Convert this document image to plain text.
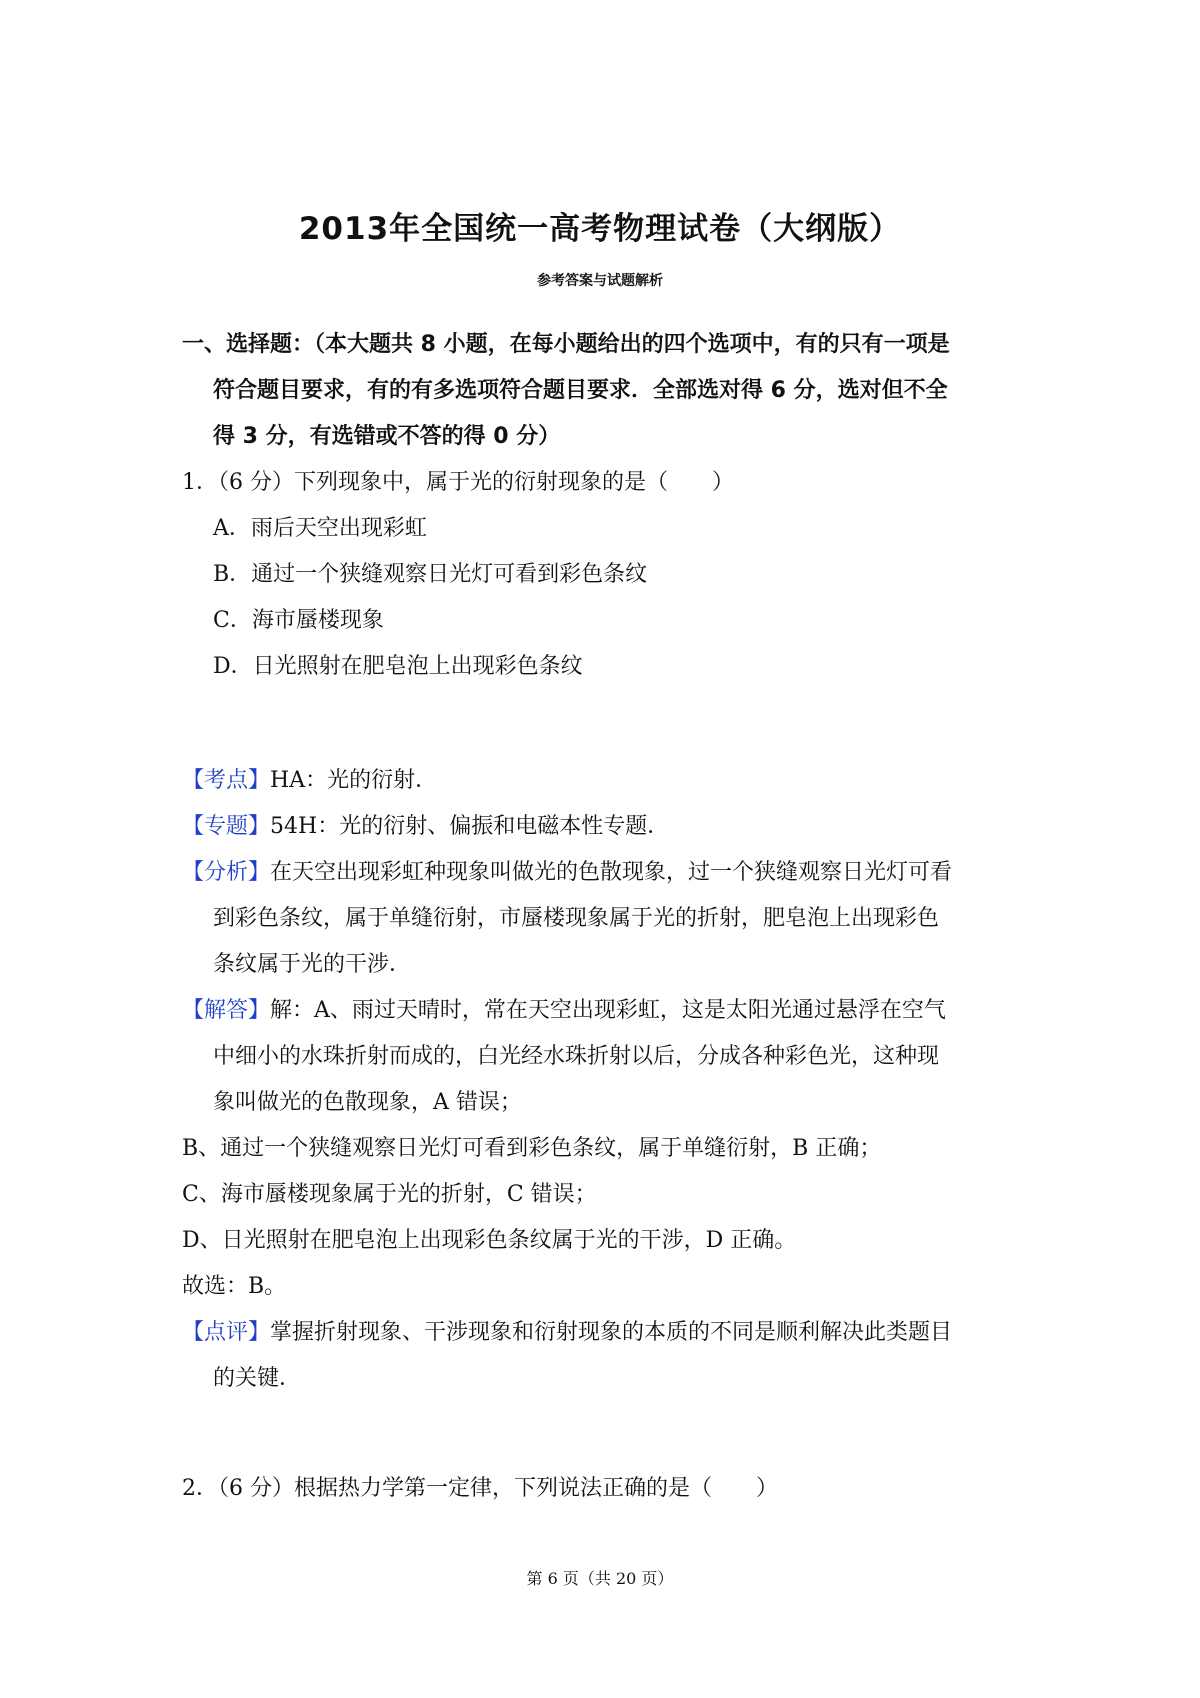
2013年全国统一高考物理试卷（大纲版）
参考答案与试题解析
一、选择题：（本大题共 8 小题，在每小题给出的四个选项中，有的只有一项是
符合题目要求，有的有多选项符合题目要求．全部选对得 6 分，选对但不全
得 3 分，有选错或不答的得 0 分）
1．（6 分）下列现象中，属于光的衍射现象的是（　　）
A．雨后天空出现彩虹
B．通过一个狭缝观察日光灯可看到彩色条纹
C．海市蜃楼现象
D．日光照射在肥皂泡上出现彩色条纹
【考点】HA：光的衍射．
【专题】54H：光的衍射、偏振和电磁本性专题．
【分析】在天空出现彩虹种现象叫做光的色散现象，过一个狭缝观察日光灯可看
到彩色条纹，属于单缝衍射，市蜃楼现象属于光的折射，肥皂泡上出现彩色
条纹属于光的干涉．
【解答】解：A、雨过天晴时，常在天空出现彩虹，这是太阳光通过悬浮在空气
中细小的水珠折射而成的，白光经水珠折射以后，分成各种彩色光，这种现
象叫做光的色散现象，A 错误；
B、通过一个狭缝观察日光灯可看到彩色条纹，属于单缝衍射，B 正确；
C、海市蜃楼现象属于光的折射，C 错误；
D、日光照射在肥皂泡上出现彩色条纹属于光的干涉，D 正确。
故选：B。
【点评】掌握折射现象、干涉现象和衍射现象的本质的不同是顺利解决此类题目
的关键．
2．（6 分）根据热力学第一定律，下列说法正确的是（　　）
第 6 页（共 20 页）
